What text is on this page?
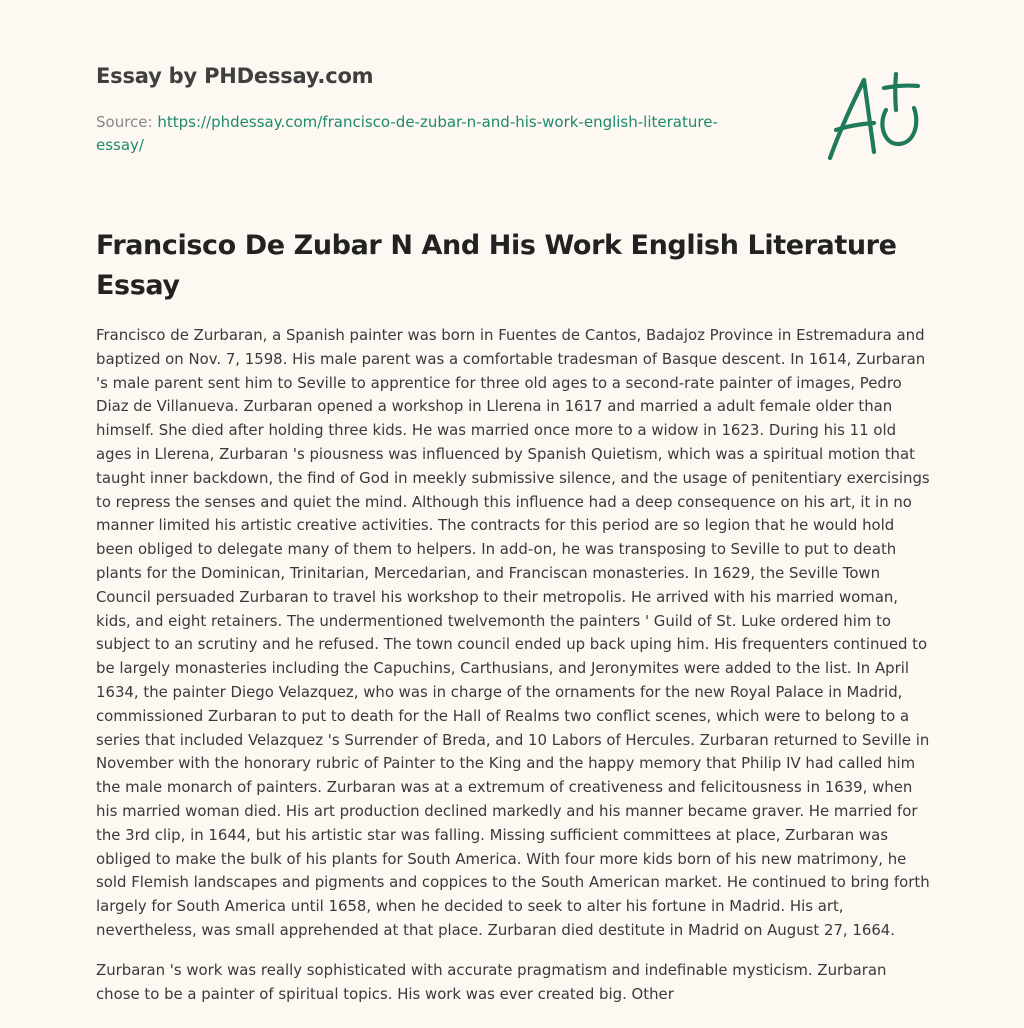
Essay by PHDessay.com
Source: https://phdessay.com/francisco-de-zubar-n-and-his-work-english-literature-essay/
Francisco De Zubar N And His Work English Literature Essay

Francisco de Zurbaran, a Spanish painter was born in Fuentes de Cantos, Badajoz Province in Estremadura and baptized on Nov. 7, 1598. His male parent was a comfortable tradesman of Basque descent. In 1614, Zurbaran 's male parent sent him to Seville to apprentice for three old ages to a second-rate painter of images, Pedro Diaz de Villanueva. Zurbaran opened a workshop in Llerena in 1617 and married a adult female older than himself. She died after holding three kids. He was married once more to a widow in 1623. During his 11 old ages in Llerena, Zurbaran 's piousness was influenced by Spanish Quietism, which was a spiritual motion that taught inner backdown, the find of God in meekly submissive silence, and the usage of penitentiary exercisings to repress the senses and quiet the mind. Although this influence had a deep consequence on his art, it in no manner limited his artistic creative activities. The contracts for this period are so legion that he would hold been obliged to delegate many of them to helpers. In add-on, he was transposing to Seville to put to death plants for the Dominican, Trinitarian, Mercedarian, and Franciscan monasteries. In 1629, the Seville Town Council persuaded Zurbaran to travel his workshop to their metropolis. He arrived with his married woman, kids, and eight retainers. The undermentioned twelvemonth the painters ' Guild of St. Luke ordered him to subject to an scrutiny and he refused. The town council ended up back uping him. His frequenters continued to be largely monasteries including the Capuchins, Carthusians, and Jeronymites were added to the list. In April 1634, the painter Diego Velazquez, who was in charge of the ornaments for the new Royal Palace in Madrid, commissioned Zurbaran to put to death for the Hall of Realms two conflict scenes, which were to belong to a series that included Velazquez 's Surrender of Breda, and 10 Labors of Hercules. Zurbaran returned to Seville in November with the honorary rubric of Painter to the King and the happy memory that Philip IV had called him the male monarch of painters. Zurbaran was at a extremum of creativeness and felicitousness in 1639, when his married woman died. His art production declined markedly and his manner became graver. He married for the 3rd clip, in 1644, but his artistic star was falling. Missing sufficient committees at place, Zurbaran was obliged to make the bulk of his plants for South America. With four more kids born of his new matrimony, he sold Flemish landscapes and pigments and coppices to the South American market. He continued to bring forth largely for South America until 1658, when he decided to seek to alter his fortune in Madrid. His art, nevertheless, was small apprehended at that place. Zurbaran died destitute in Madrid on August 27, 1664.

Zurbaran 's work was really sophisticated with accurate pragmatism and indefinable mysticism. Zurbaran chose to be a painter of spiritual topics. His work was ever created big. Other
